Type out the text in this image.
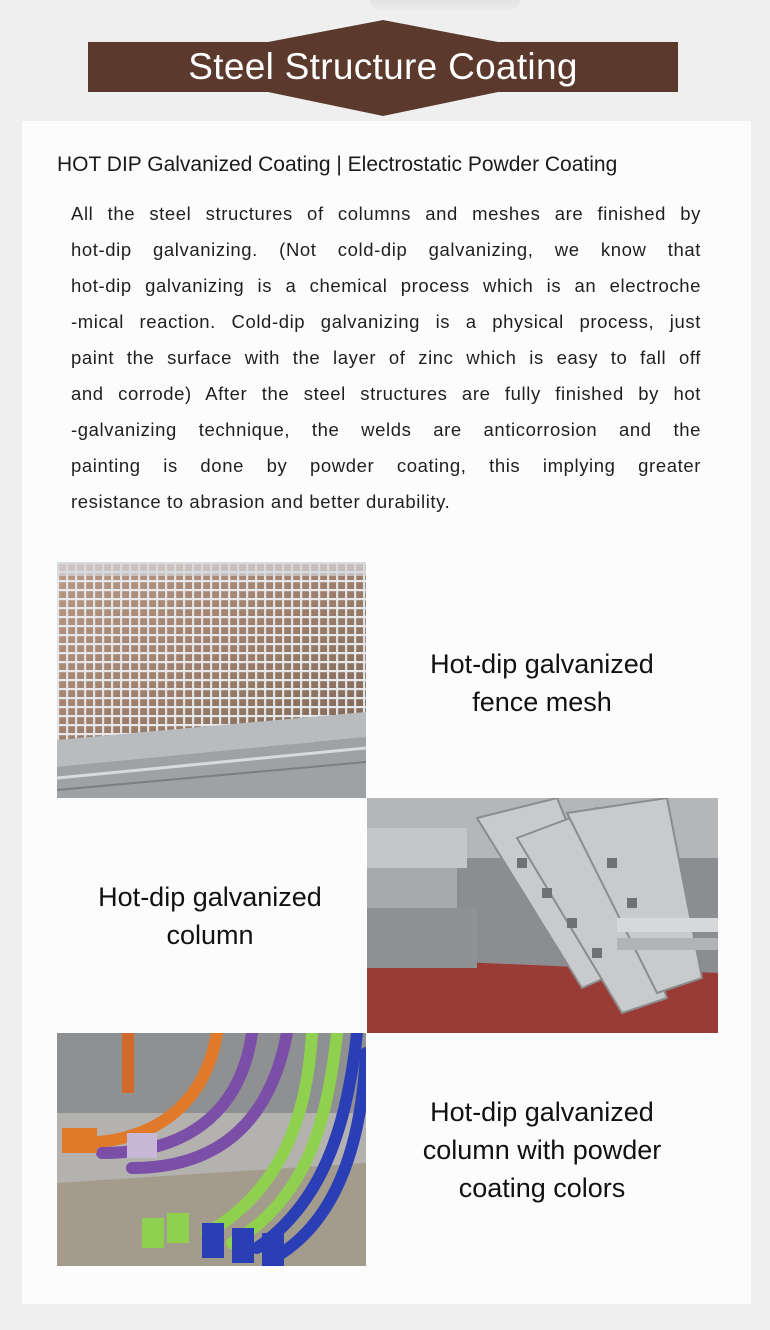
Steel Structure Coating
HOT DIP Galvanized Coating | Electrostatic Powder Coating
All the steel structures of columns and meshes are finished by
hot-dip galvanizing. (Not cold-dip galvanizing, we know that
hot-dip galvanizing is a chemical process which is an electroche
-mical reaction. Cold-dip galvanizing is a physical process, just
paint the surface with the layer of zinc which is easy to fall off
and corrode) After the steel structures are fully finished by hot
-galvanizing technique, the welds are anticorrosion and the
painting is done by powder coating, this implying greater
resistance to abrasion and better durability.
Hot-dip galvanized
fence mesh
Hot-dip galvanized
column
Hot-dip galvanized
column with powder
coating colors
